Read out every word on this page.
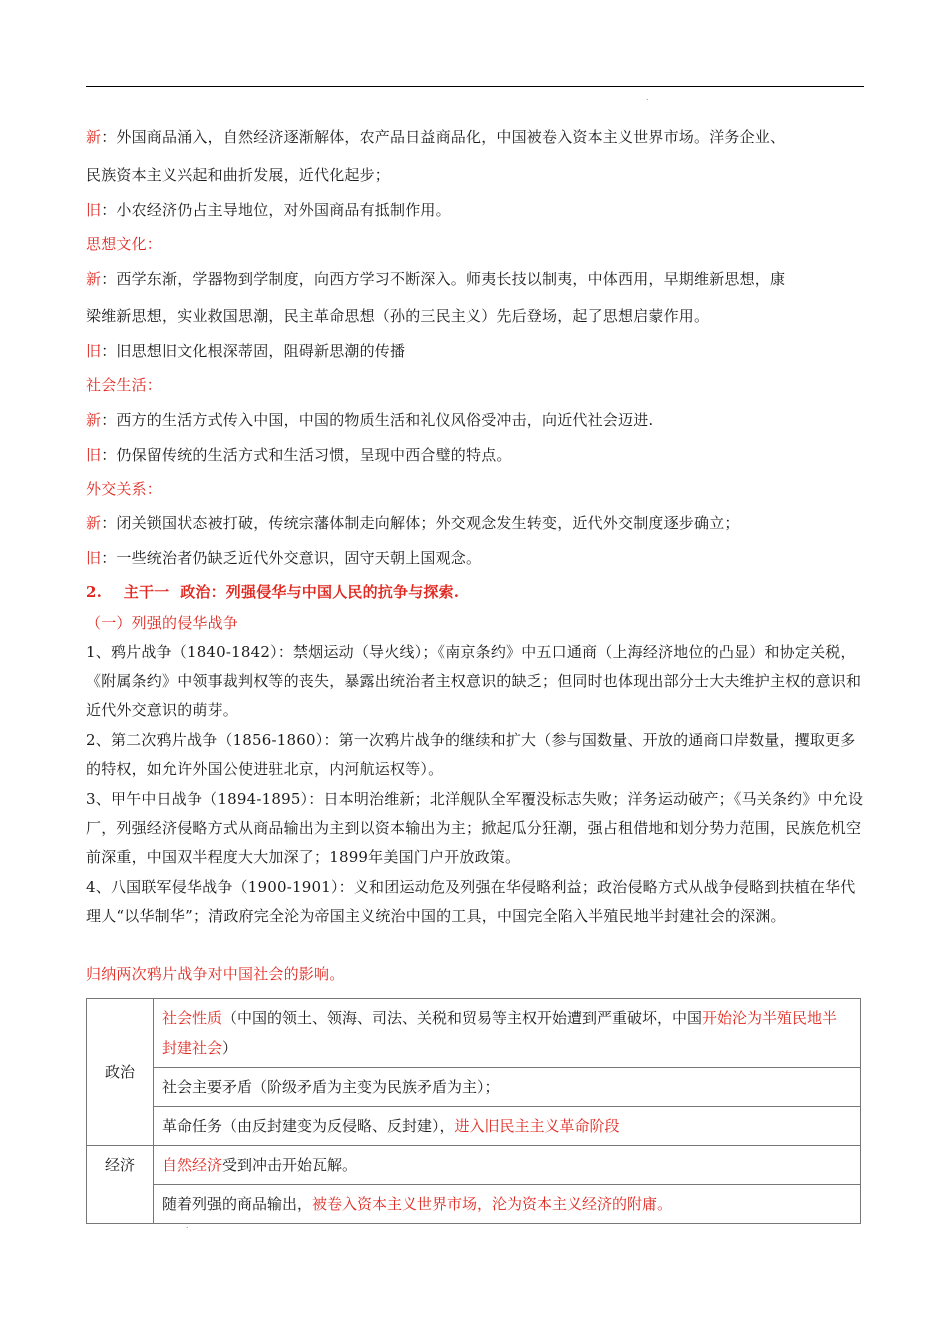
.
新：外国商品涌入，自然经济逐渐解体，农产品日益商品化，中国被卷入资本主义世界市场。洋务企业、
民族资本主义兴起和曲折发展，近代化起步；
旧：小农经济仍占主导地位，对外国商品有抵制作用。
思想文化：
新：西学东渐，学器物到学制度，向西方学习不断深入。师夷长技以制夷，中体西用，早期维新思想，康
梁维新思想，实业救国思潮，民主革命思想（孙的三民主义）先后登场，起了思想启蒙作用。
旧：旧思想旧文化根深蒂固，阻碍新思潮的传播
社会生活：
新：西方的生活方式传入中国，中国的物质生活和礼仪风俗受冲击，向近代社会迈进.
旧：仍保留传统的生活方式和生活习惯，呈现中西合璧的特点。
外交关系：
新：闭关锁国状态被打破，传统宗藩体制走向解体；外交观念发生转变，近代外交制度逐步确立；
旧：一些统治者仍缺乏近代外交意识，固守天朝上国观念。
2.    主干一  政治：列强侵华与中国人民的抗争与探索.
（一）列强的侵华战争
1、鸦片战争（1840-1842）：禁烟运动（导火线）；《南京条约》中五口通商（上海经济地位的凸显）和协定关税，《附属条约》中领事裁判权等的丧失，暴露出统治者主权意识的缺乏；但同时也体现出部分士大夫维护主权的意识和近代外交意识的萌芽。
2、第二次鸦片战争（1856-1860）：第一次鸦片战争的继续和扩大（参与国数量、开放的通商口岸数量，攫取更多的特权，如允许外国公使进驻北京，内河航运权等）。
3、甲午中日战争（1894-1895）：日本明治维新；北洋舰队全军覆没标志失败；洋务运动破产；《马关条约》中允设厂，列强经济侵略方式从商品输出为主到以资本输出为主；掀起瓜分狂潮，强占租借地和划分势力范围，民族危机空前深重，中国双半程度大大加深了；1899年美国门户开放政策。
4、八国联军侵华战争（1900-1901）：义和团运动危及列强在华侵略利益；政治侵略方式从战争侵略到扶植在华代理人“以华制华”；清政府完全沦为帝国主义统治中国的工具，中国完全陷入半殖民地半封建社会的深渊。
归纳两次鸦片战争对中国社会的影响。
政治	社会性质（中国的领土、领海、司法、关税和贸易等主权开始遭到严重破坏，中国开始沦为半殖民地半封建社会）
	社会主要矛盾（阶级矛盾为主变为民族矛盾为主）；
	革命任务（由反封建变为反侵略、反封建），进入旧民主主义革命阶段
经济	自然经济受到冲击开始瓦解。
	随着列强的商品输出，被卷入资本主义世界市场，沦为资本主义经济的附庸。
.
